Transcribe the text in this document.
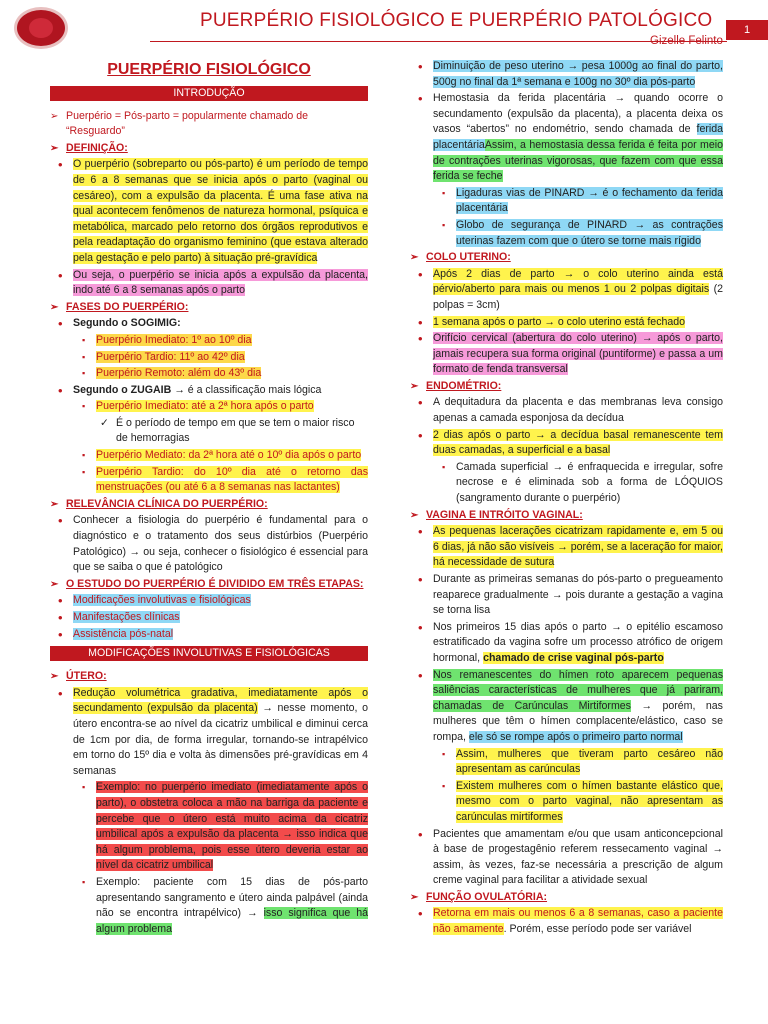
PUERPÉRIO FISIOLÓGICO E PUERPÉRIO PATOLÓGICO	1
Gizelle Felinto
PUERPÉRIO FISIOLÓGICO
INTRODUÇÃO
➢ Puerpério = Pós-parto = popularmente chamado de “Resguardo”
➢ DEFINIÇÃO:
• O puerpério (sobreparto ou pós-parto) é um período de tempo de 6 a 8 semanas que se inicia após o parto (vaginal ou cesáreo), com a expulsão da placenta. É uma fase ativa na qual acontecem fenômenos de natureza hormonal, psíquica e metabólica, marcado pelo retorno dos órgãos reprodutivos e pela readaptação do organismo feminino (que estava alterado pela gestação e pelo parto) à situação pré-gravídica
• Ou seja, o puerpério se inicia após a expulsão da placenta, indo até 6 a 8 semanas após o parto
➢ FASES DO PUERPÉRIO:
• Segundo o SOGIMIG:
▪ Puerpério Imediato: 1º ao 10º dia
▪ Puerpério Tardio: 11º ao 42º dia
▪ Puerpério Remoto: além do 43º dia
• Segundo o ZUGAIB → é a classificação mais lógica
▪ Puerpério Imediato: até a 2ª hora após o parto
✓ É o período de tempo em que se tem o maior risco de hemorragias
▪ Puerpério Mediato: da 2ª hora até o 10º dia após o parto
▪ Puerpério Tardio: do 10º dia até o retorno das menstruações (ou até 6 a 8 semanas nas lactantes)
➢ RELEVÂNCIA CLÍNICA DO PUERPÉRIO:
• Conhecer a fisiologia do puerpério é fundamental para o diagnóstico e o tratamento dos seus distúrbios (Puerpério Patológico) → ou seja, conhecer o fisiológico é essencial para que se saiba o que é patológico
➢ O ESTUDO DO PUERPÉRIO É DIVIDIDO EM TRÊS ETAPAS:
• Modificações involutivas e fisiológicas
• Manifestações clínicas
• Assistência pós-natal
MODIFICAÇÕES INVOLUTIVAS E FISIOLÓGICAS
➢ ÚTERO:
• Redução volumétrica gradativa, imediatamente após o secundamento (expulsão da placenta) → nesse momento, o útero encontra-se ao nível da cicatriz umbilical e diminui cerca de 1cm por dia, de forma irregular, tornando-se intrapélvico em torno do 15º dia e volta às dimensões pré-gravídicas em 4 semanas
▪ Exemplo: no puerpério imediato (imediatamente após o parto), o obstetra coloca a mão na barriga da paciente e percebe que o útero está muito acima da cicatriz umbilical após a expulsão da placenta → isso indica que há algum problema, pois esse útero deveria estar ao nível da cicatriz umbilical
▪ Exemplo: paciente com 15 dias de pós-parto apresentando sangramento e útero ainda palpável (ainda não se encontra intrapélvico) → isso significa que há algum problema
• Diminuição de peso uterino → pesa 1000g ao final do parto, 500g no final da 1ª semana e 100g no 30º dia pós-parto
• Hemostasia da ferida placentária → quando ocorre o secundamento (expulsão da placenta), a placenta deixa os vasos “abertos” no endométrio, sendo chamada de ferida placentáriaAssim, a hemostasia dessa ferida é feita por meio de contrações uterinas vigorosas, que fazem com que essa ferida se feche
▪ Ligaduras vias de PINARD → é o fechamento da ferida placentária
▪ Globo de segurança de PINARD → as contrações uterinas fazem com que o útero se torne mais rígido
➢ COLO UTERINO:
• Após 2 dias de parto → o colo uterino ainda está pérvio/aberto para mais ou menos 1 ou 2 polpas digitais (2 polpas = 3cm)
• 1 semana após o parto → o colo uterino está fechado
• Orifício cervical (abertura do colo uterino) → após o parto, jamais recupera sua forma original (puntiforme) e passa a um formato de fenda transversal
➢ ENDOMÉTRIO:
• A dequitadura da placenta e das membranas leva consigo apenas a camada esponjosa da decídua
• 2 dias após o parto → a decídua basal remanescente tem duas camadas, a superficial e a basal
▪ Camada superficial → é enfraquecida e irregular, sofre necrose e é eliminada sob a forma de LÓQUIOS (sangramento durante o puerpério)
➢ VAGINA E INTRÓITO VAGINAL:
• As pequenas lacerações cicatrizam rapidamente e, em 5 ou 6 dias, já não são visíveis → porém, se a laceração for maior, há necessidade de sutura
• Durante as primeiras semanas do pós-parto o pregueamento reaparece gradualmente → pois durante a gestação a vagina se torna lisa
• Nos primeiros 15 dias após o parto → o epitélio escamoso estratificado da vagina sofre um processo atrófico de origem hormonal, chamado de crise vaginal pós-parto
• Nos remanescentes do hímen roto aparecem pequenas saliências características de mulheres que já pariram, chamadas de Carúnculas Mirtiformes → porém, nas mulheres que têm o hímen complacente/elástico, caso se rompa, ele só se rompe após o primeiro parto normal
▪ Assim, mulheres que tiveram parto cesáreo não apresentam as carúnculas
▪ Existem mulheres com o hímen bastante elástico que, mesmo com o parto vaginal, não apresentam as carúnculas mirtiformes
• Pacientes que amamentam e/ou que usam anticoncepcional à base de progestagênio referem ressecamento vaginal → assim, às vezes, faz-se necessária a prescrição de algum creme vaginal para facilitar a atividade sexual
➢ FUNÇÃO OVULATÓRIA:
• Retorna em mais ou menos 6 a 8 semanas, caso a paciente não amamente. Porém, esse período pode ser variável
